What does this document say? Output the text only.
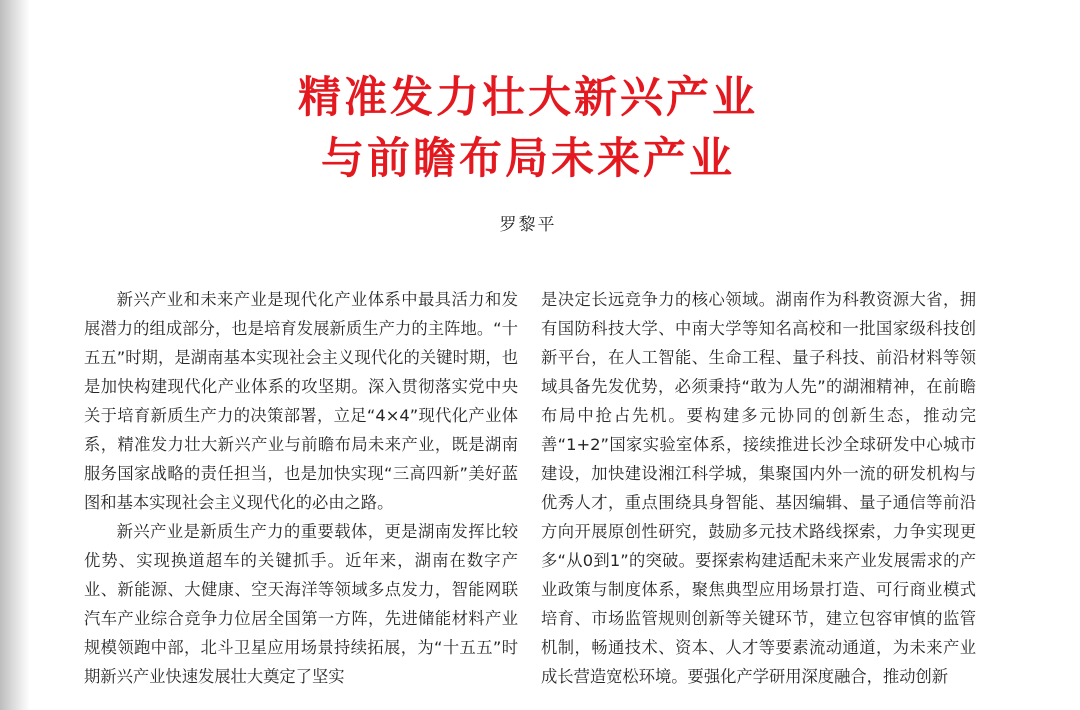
精准发力壮大新兴产业
与前瞻布局未来产业
罗黎平

新兴产业和未来产业是现代化产业体系中最具活力和发展潜力的组成部分，也是培育发展新质生产力的主阵地。“十五五”时期，是湖南基本实现社会主义现代化的关键时期，也是加快构建现代化产业体系的攻坚期。深入贯彻落实党中央关于培育新质生产力的决策部署，立足“4×4”现代化产业体系，精准发力壮大新兴产业与前瞻布局未来产业，既是湖南服务国家战略的责任担当，也是加快实现“三高四新”美好蓝图和基本实现社会主义现代化的必由之路。

新兴产业是新质生产力的重要载体，更是湖南发挥比较优势、实现换道超车的关键抓手。近年来，湖南在数字产业、新能源、大健康、空天海洋等领域多点发力，智能网联汽车产业综合竞争力位居全国第一方阵，先进储能材料产业规模领跑中部，北斗卫星应用场景持续拓展，为“十五五”时期新兴产业快速发展壮大奠定了坚实

是决定长远竞争力的核心领域。湖南作为科教资源大省，拥有国防科技大学、中南大学等知名高校和一批国家级科技创新平台，在人工智能、生命工程、量子科技、前沿材料等领域具备先发优势，必须秉持“敢为人先”的湖湘精神，在前瞻布局中抢占先机。要构建多元协同的创新生态，推动完善“1+2”国家实验室体系，接续推进长沙全球研发中心城市建设，加快建设湘江科学城，集聚国内外一流的研发机构与优秀人才，重点围绕具身智能、基因编辑、量子通信等前沿方向开展原创性研究，鼓励多元技术路线探索，力争实现更多“从0到1”的突破。要探索构建适配未来产业发展需求的产业政策与制度体系，聚焦典型应用场景打造、可行商业模式培育、市场监管规则创新等关键环节，建立包容审慎的监管机制，畅通技术、资本、人才等要素流动通道，为未来产业成长营造宽松环境。要强化产学研用深度融合，推动创新
